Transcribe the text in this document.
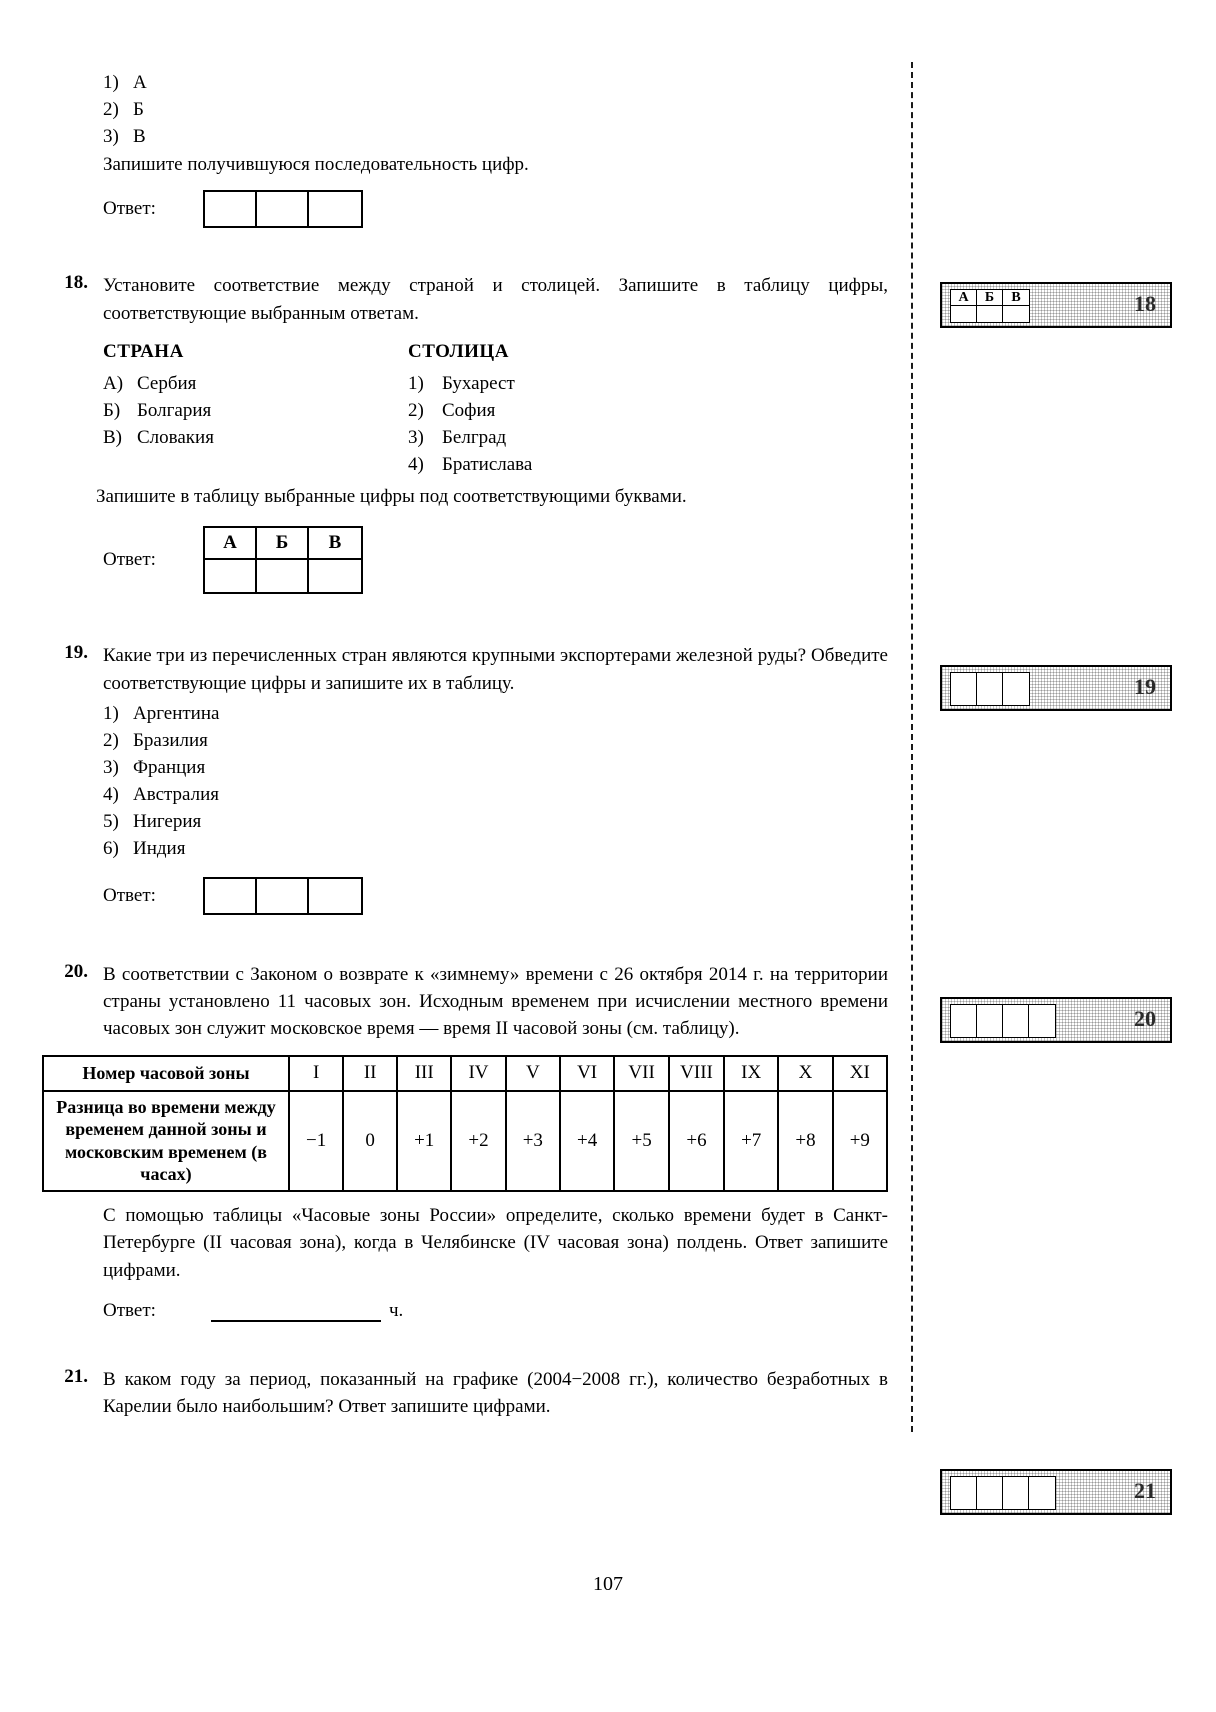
1) А
2) Б
3) В
Запишите получившуюся последовательность цифр.
Ответ:
18. Установите соответствие между страной и столицей. Запишите в таблицу цифры, соответствующие выбранным ответам.
СТРАНА
А) Сербия
Б) Болгария
В) Словакия
СТОЛИЦА
1) Бухарест
2) София
3) Белград
4) Братислава
Запишите в таблицу выбранные цифры под соответствующими буквами.
Ответ:
А	Б	В
19. Какие три из перечисленных стран являются крупными экспортерами железной руды? Обведите соответствующие цифры и запишите их в таблицу.
1) Аргентина
2) Бразилия
3) Франция
4) Австралия
5) Нигерия
6) Индия
Ответ:
20. В соответствии с Законом о возврате к «зимнему» времени с 26 октября 2014 г. на территории страны установлено 11 часовых зон. Исходным временем при исчислении местного времени часовых зон служит московское время — время II часовой зоны (см. таблицу).
Номер часовой зоны	I	II	III	IV	V	VI	VII	VIII	IX	X	XI
Разница во времени между временем данной зоны и московским временем (в часах)	−1	0	+1	+2	+3	+4	+5	+6	+7	+8	+9
С помощью таблицы «Часовые зоны России» определите, сколько времени будет в Санкт-Петербурге (II часовая зона), когда в Челябинске (IV часовая зона) полдень. Ответ запишите цифрами.
Ответ:	ч.
21. В каком году за период, показанный на графике (2004−2008 гг.), количество безработных в Карелии было наибольшим? Ответ запишите цифрами.
А	Б	В	18
19
20
21
107
